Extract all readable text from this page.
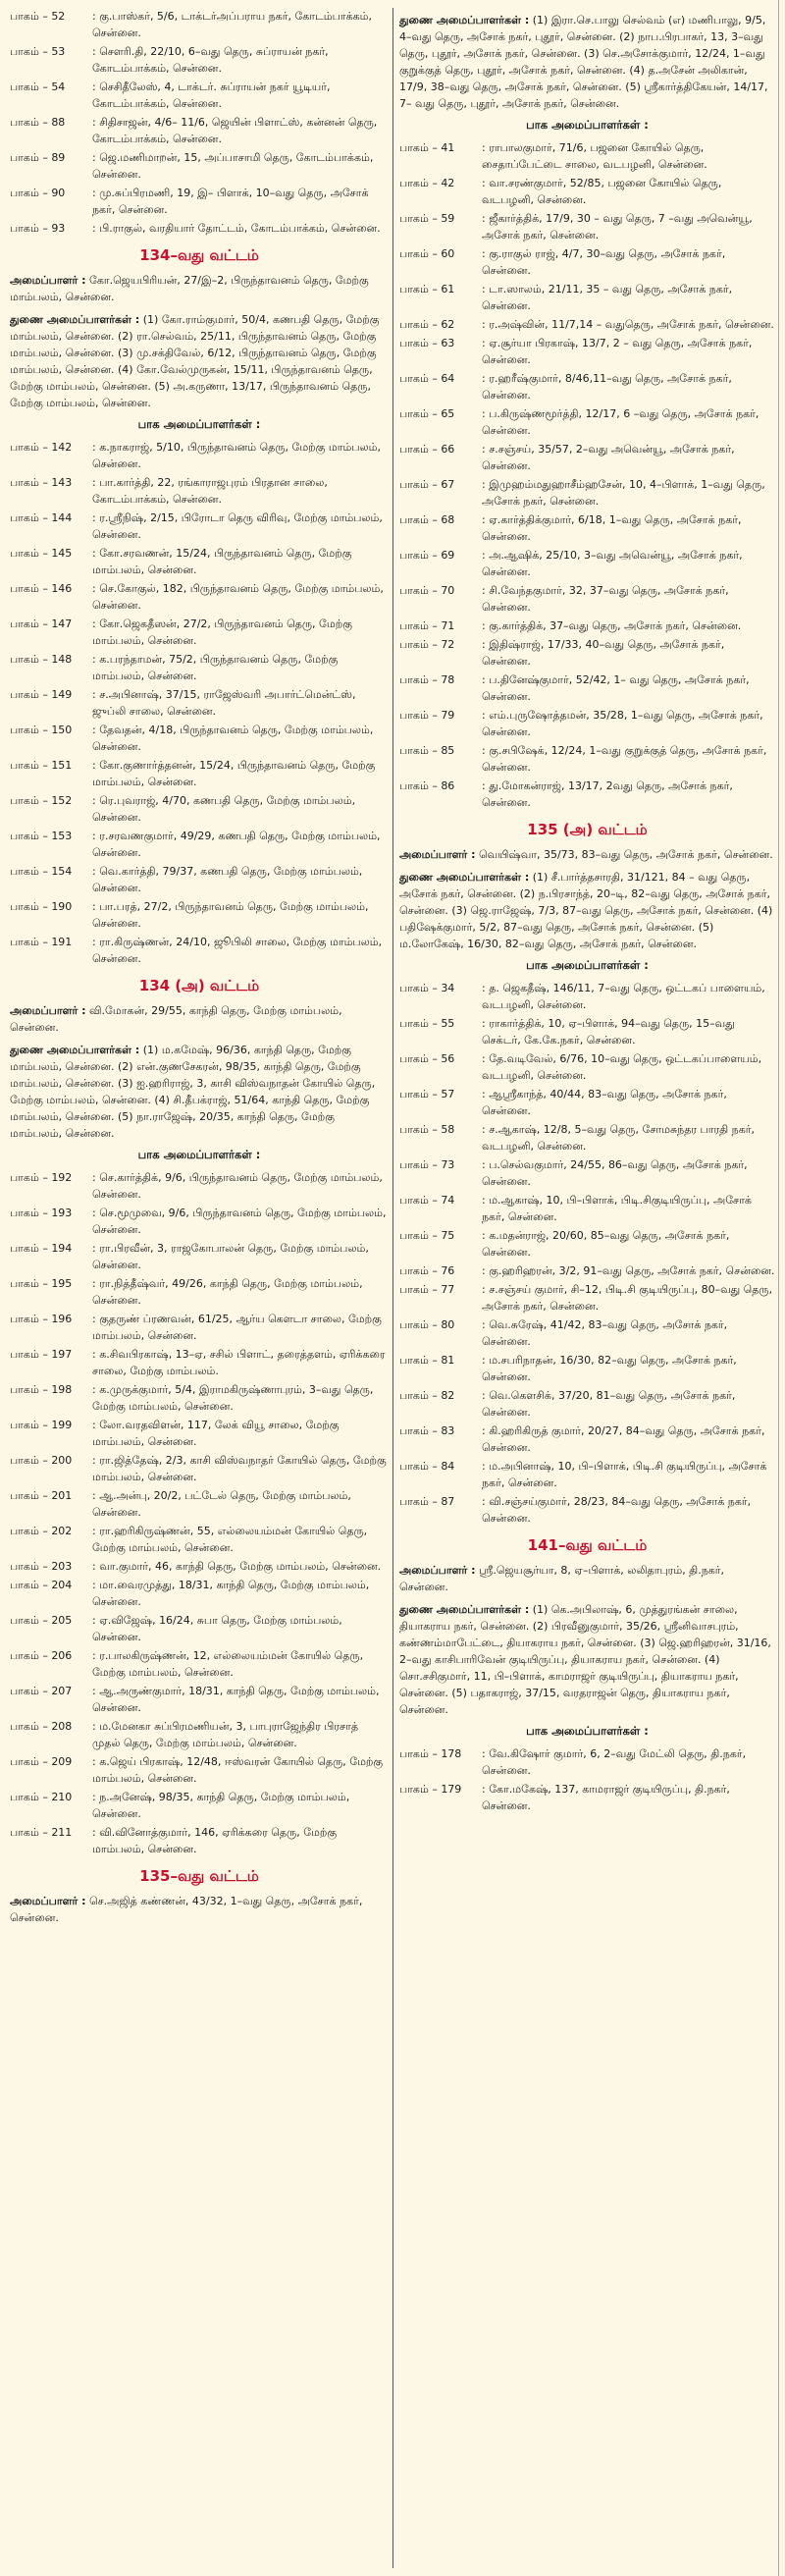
பாகம் – 52	: கு.பாஸ்கர், 5/6, டாக்டர்அப்பராய நகர், கோடம்பாக்கம், சென்னை.
பாகம் – 53	: செளரி.தி, 22/10, 6–வது தெரு, சுப்ராயன் நகர், கோடம்பாக்கம், சென்னை.
பாகம் – 54	: செசிதீலேஸ், 4, டாக்டர். சுப்ராயன் நகர் யூடியர், கோடம்பாக்கம், சென்னை.
பாகம் – 88	: சிதிசாஜன், 4/6– 11/6, ஜெயின் பிளாட்ஸ், கன்னன் தெரு, கோடம்பாக்கம், சென்னை.
பாகம் – 89	: ஜெ.மணிமாறன், 15, அப்பாசாமி தெரு, கோடம்பாக்கம், சென்னை.
பாகம் – 90	: மு.சுப்பிரமணி, 19, இ– பிளாக், 10–வது தெரு, அசோக் நகர், சென்னை.
பாகம் – 93	: பி.ராகுல், வரதியார் தோட்டம், கோடம்பாக்கம், சென்னை.
134–வது வட்டம்
அமைப்பாளர் : கோ.ஜெயபிரியன், 27/இ–2, பிருந்தாவனம் தெரு, மேற்கு மாம்பலம், சென்னை.
துணை அமைப்பாளர்கள் : (1) கோ.ராம்குமார், 50/4, கணபதி தெரு, மேற்கு மாம்பலம், சென்னை. (2) ரா.செல்வம், 25/11, பிருந்தாவனம் தெரு, மேற்கு மாம்பலம், சென்னை. (3) மு.சக்திவேல், 6/12, பிருந்தாவனம் தெரு, மேற்கு மாம்பலம், சென்னை. (4) கோ.வேல்முருகன், 15/11, பிருந்தாவனம் தெரு, மேற்கு மாம்பலம், சென்னை. (5) அ.கருணா, 13/17, பிருந்தாவனம் தெரு, மேற்கு மாம்பலம், சென்னை.
பாக அமைப்பாளர்கள் :
பாகம் – 142	: க.நாகராஜ், 5/10, பிருந்தாவனம் தெரு, மேற்கு மாம்பலம், சென்னை.
பாகம் – 143	: பா.கார்த்தி, 22, ரங்காராஜபுரம் பிரதான சாலை, கோடம்பாக்கம், சென்னை.
பாகம் – 144	: ர.ஸ்ரீநிஷ், 2/15, பிரோடா தெரு விரிவு, மேற்கு மாம்பலம், சென்னை.
பாகம் – 145	: கோ.சரவணன், 15/24, பிருந்தாவனம் தெரு, மேற்கு மாம்பலம், சென்னை.
பாகம் – 146	: செ.கோகுல், 182, பிருந்தாவனம் தெரு, மேற்கு மாம்பலம், சென்னை.
பாகம் – 147	: கோ.ஜெகதீஸன், 27/2, பிருந்தாவனம் தெரு, மேற்கு மாம்பலம், சென்னை.
பாகம் – 148	: க.பரந்தாமன், 75/2, பிருந்தாவனம் தெரு, மேற்கு மாம்பலம், சென்னை.
பாகம் – 149	: ச.அபினாஷ், 37/15, ராஜேஸ்வரி அபார்ட்மென்ட்ஸ், ஜுப்லி சாலை, சென்னை.
பாகம் – 150	: தேவதன், 4/18, பிருந்தாவனம் தெரு, மேற்கு மாம்பலம், சென்னை.
பாகம் – 151	: கோ.குணார்த்தனன், 15/24, பிருந்தாவனம் தெரு, மேற்கு மாம்பலம், சென்னை.
பாகம் – 152	: ரெ.புவராஜ், 4/70, கணபதி தெரு, மேற்கு மாம்பலம், சென்னை.
பாகம் – 153	: ர.சரவணகுமார், 49/29, கணபதி தெரு, மேற்கு மாம்பலம், சென்னை.
பாகம் – 154	: வெ.கார்த்தி, 79/37, கணபதி தெரு, மேற்கு மாம்பலம், சென்னை.
பாகம் – 190	: பா.பரத், 27/2, பிருந்தாவனம் தெரு, மேற்கு மாம்பலம், சென்னை.
பாகம் – 191	: ரா.கிருஷ்ணன், 24/10, ஜூபிலி சாலை, மேற்கு மாம்பலம், சென்னை.
134 (அ) வட்டம்
அமைப்பாளர் : வி.மோகன், 29/55, காந்தி தெரு, மேற்கு மாம்பலம், சென்னை.
துணை அமைப்பாளர்கள் : (1) ம.கமேஷ், 96/36, காந்தி தெரு, மேற்கு மாம்பலம், சென்னை. (2) என்.குணசேகரன், 98/35, காந்தி தெரு, மேற்கு மாம்பலம், சென்னை. (3) ஐ.ஹரிராஜ், 3, காசி விஸ்வநாதன் கோயில் தெரு, மேற்கு மாம்பலம், சென்னை. (4) சி.தீபக்ராஜ், 51/64, காந்தி தெரு, மேற்கு மாம்பலம், சென்னை. (5) நா.ராஜேஷ், 20/35, காந்தி தெரு, மேற்கு மாம்பலம், சென்னை.
பாக அமைப்பாளர்கள் :
பாகம் – 192	: செ.கார்த்திக், 9/6, பிருந்தாவனம் தெரு, மேற்கு மாம்பலம், சென்னை.
பாகம் – 193	: செ.மூமுவை, 9/6, பிருந்தாவனம் தெரு, மேற்கு மாம்பலம், சென்னை.
பாகம் – 194	: ரா.பிரவீன், 3, ராஜகோபாலன் தெரு, மேற்கு மாம்பலம், சென்னை.
பாகம் – 195	: ரா.நித்தீஷ்வர், 49/26, காந்தி தெரு, மேற்கு மாம்பலம், சென்னை.
பாகம் – 196	: குதருண் ப்ரணவன், 61/25, ஆர்ய கௌடா சாலை, மேற்கு மாம்பலம், சென்னை.
பாகம் – 197	: க.சிவபிரகாஷ், 13–ஏ, சசில் பிளாட், தரைத்தளம், ஏரிக்கரை சாலை, மேற்கு மாம்பலம்.
பாகம் – 198	: க.முருக்குமார், 5/4, இராமகிருஷ்ணாபுரம், 3–வது தெரு, மேற்கு மாம்பலம், சென்னை.
பாகம் – 199	: லோ.வரதவிளன், 117, லேக் வியூ சாலை, மேற்கு மாம்பலம், சென்னை.
பாகம் – 200	: ரா.ஜித்தேஷ், 2/3, காசி விஸ்வநாதர் கோயில் தெரு, மேற்கு மாம்பலம், சென்னை.
பாகம் – 201	: ஆ.அன்பு, 20/2, பட்டேல் தெரு, மேற்கு மாம்பலம், சென்னை.
பாகம் – 202	: ரா.ஹரிகிருஷ்ணன், 55, எல்லையம்மன் கோயில் தெரு, மேற்கு மாம்பலம், சென்னை.
பாகம் – 203	: வா.குமார், 46, காந்தி தெரு, மேற்கு மாம்பலம், சென்னை.
பாகம் – 204	: மா.வைரமுத்து, 18/31, காந்தி தெரு, மேற்கு மாம்பலம், சென்னை.
பாகம் – 205	: ஏ.விஜேஷ், 16/24, சுபா தெரு, மேற்கு மாம்பலம், சென்னை.
பாகம் – 206	: ர.பாலகிருஷ்ணன், 12, எல்லையம்மன் கோயில் தெரு, மேற்கு மாம்பலம், சென்னை.
பாகம் – 207	: ஆ.அருண்குமார், 18/31, காந்தி தெரு, மேற்கு மாம்பலம், சென்னை.
பாகம் – 208	: ம.மேனகா சுப்பிரமணியன், 3, பாபுராஜேந்திர பிரசாத் முதல் தெரு, மேற்கு மாம்பலம், சென்னை.
பாகம் – 209	: க.ஜெய் பிரகாஷ், 12/48, ஈஸ்வரன் கோயில் தெரு, மேற்கு மாம்பலம், சென்னை.
பாகம் – 210	: ந.அனேஷ், 98/35, காந்தி தெரு, மேற்கு மாம்பலம், சென்னை.
பாகம் – 211	: வி.வினோத்குமார், 146, ஏரிக்கரை தெரு, மேற்கு மாம்பலம், சென்னை.
135–வது வட்டம்
அமைப்பாளர் : செ.அஜித் கண்ணன், 43/32, 1–வது தெரு, அசோக் நகர், சென்னை.
துணை அமைப்பாளர்கள் : (1) இரா.செ.பாலு செல்வம் (எ) மணிபாலு, 9/5, 4–வது தெரு, அசோக் நகர், புதூர், சென்னை. (2) நாப.பிரபாகர், 13, 3–வது தெரு, புதூர், அசோக் நகர், சென்னை. (3) செ.அசோக்குமார், 12/24, 1–வது குறுக்குத் தெரு, புதூர், அசோக் நகர், சென்னை. (4) த.அசேன் அலிகான், 17/9, 38–வது தெரு, அசோக் நகர், சென்னை. (5) ஸ்ரீகார்த்திகேயன், 14/17, 7– வது தெரு, புதூர், அசோக் நகர், சென்னை.
பாக அமைப்பாளர்கள் :
பாகம் – 41	: ராபாலகுமார், 71/6, பஜனை கோயில் தெரு, சைதாப்பேட்டை சாலை, வடபழனி, சென்னை.
பாகம் – 42	: வா.சரண்குமார், 52/85, பஜனை கோயில் தெரு, வடபழனி, சென்னை.
பாகம் – 59	: ஜீகார்த்திக், 17/9, 30 – வது தெரு, 7 –வது அவென்யூ, அசோக் நகர், சென்னை.
பாகம் – 60	: கு.ராகுல் ராஜ், 4/7, 30–வது தெரு, அசோக் நகர், சென்னை.
பாகம் – 61	: டா.ஸாலம், 21/11, 35 – வது தெரு, அசோக் நகர், சென்னை.
பாகம் – 62	: ர.அஷ்வின், 11/7,14 – வதுதெரு, அசோக் நகர், சென்னை.
பாகம் – 63	: ஏ.சூர்யா பிரகாஷ், 13/7, 2 – வது தெரு, அசோக் நகர், சென்னை.
பாகம் – 64	: ர.ஹரீஷ்குமார், 8/46,11–வது தெரு, அசோக் நகர், சென்னை.
பாகம் – 65	: ப.கிருஷ்ணமூர்த்தி, 12/17, 6 –வது தெரு, அசோக் நகர், சென்னை.
பாகம் – 66	: ச.சஞ்சய், 35/57, 2–வது அவென்யூ, அசோக் நகர், சென்னை.
பாகம் – 67	: இமுஹம்மதுஹாசீம்ஹசேன், 10, 4–பிளாக், 1–வது தெரு, அசோக் நகர், சென்னை.
பாகம் – 68	: ஏ.கார்த்திக்குமார், 6/18, 1–வது தெரு, அசோக் நகர், சென்னை.
பாகம் – 69	: அ.ஆஷிக், 25/10, 3–வது அவென்யூ, அசோக் நகர், சென்னை.
பாகம் – 70	: சி.வேந்தகுமார், 32, 37–வது தெரு, அசோக் நகர், சென்னை.
பாகம் – 71	: கு.கார்த்திக், 37–வது தெரு, அசோக் நகர், சென்னை.
பாகம் – 72	: இதிஷ்ராஜ், 17/33, 40–வது தெரு, அசோக் நகர், சென்னை.
பாகம் – 78	: ப.தினேஷ்குமார், 52/42, 1– வது தெரு, அசோக் நகர், சென்னை.
பாகம் – 79	: எம்.புருஷோத்தமன், 35/28, 1–வது தெரு, அசோக் நகர், சென்னை.
பாகம் – 85	: கு.சபிஷேக், 12/24, 1–வது குறுக்குத் தெரு, அசோக் நகர், சென்னை.
பாகம் – 86	: து.மோகன்ராஜ், 13/17, 2வது தெரு, அசோக் நகர், சென்னை.
135 (அ) வட்டம்
அமைப்பாளர் : வெயிஷ்வா, 35/73, 83–வது தெரு, அசோக் நகர், சென்னை.
துணை அமைப்பாளர்கள் : (1) சீ.பார்த்தசாரதி, 31/121, 84 – வது தெரு, அசோக் நகர், சென்னை. (2) ந.பிரசாந்த், 20–டி, 82–வது தெரு, அசோக் நகர், சென்னை. (3) ஜெ.ராஜேஷ், 7/3, 87–வது தெரு, அசோக் நகர், சென்னை. (4) பதிஷேக்குமார், 5/2, 87–வது தெரு, அசோக் நகர், சென்னை. (5) ம.லோகேஷ், 16/30, 82–வது தெரு, அசோக் நகர், சென்னை.
பாக அமைப்பாளர்கள் :
பாகம் – 34	: த. ஜெகதீஷ், 146/11, 7–வது தெரு, ஒட்டகப் பாளையம், வடபழனி, சென்னை.
பாகம் – 55	: ராகார்த்திக், 10, ஏ–பிளாக், 94–வது தெரு, 15–வது செக்டர், கே.கே.நகர், சென்னை.
பாகம் – 56	: தே.வடிவேல், 6/76, 10–வது தெரு, ஒட்டகப்பாளையம், வடபழனி, சென்னை.
பாகம் – 57	: ஆஸ்ரீகாந்த், 40/44, 83–வது தெரு, அசோக் நகர், சென்னை.
பாகம் – 58	: ச.ஆகாஷ், 12/8, 5–வது தெரு, சோமசுந்தர பாரதி நகர், வடபழனி, சென்னை.
பாகம் – 73	: ப.செல்வகுமார், 24/55, 86–வது தெரு, அசோக் நகர், சென்னை.
பாகம் – 74	: ம.ஆகாஷ், 10, பி–பிளாக், பிடி.சிகுடியிருப்பு, அசோக் நகர், சென்னை.
பாகம் – 75	: க.மதன்ராஜ், 20/60, 85–வது தெரு, அசோக் நகர், சென்னை.
பாகம் – 76	: கு.ஹரிஹரன், 3/2, 91–வது தெரு, அசோக் நகர், சென்னை.
பாகம் – 77	: ச.சஞ்சய் குமார், சி–12, பிடி.சி குடியிருப்பு, 80–வது தெரு, அசோக் நகர், சென்னை.
பாகம் – 80	: வெ.சுரேஷ், 41/42, 83–வது தெரு, அசோக் நகர், சென்னை.
பாகம் – 81	: ம.சபரிநாதன், 16/30, 82–வது தெரு, அசோக் நகர், சென்னை.
பாகம் – 82	: வெ.கெளசிக், 37/20, 81–வது தெரு, அசோக் நகர், சென்னை.
பாகம் – 83	: கி.ஹரிகிருத் குமார், 20/27, 84–வது தெரு, அசோக் நகர், சென்னை.
பாகம் – 84	: ம.அபினாஷ், 10, பி–பிளாக், பிடி.சி குடியிருப்பு, அசோக் நகர், சென்னை.
பாகம் – 87	: வி.சஞ்சய்குமார், 28/23, 84–வது தெரு, அசோக் நகர், சென்னை.
141–வது வட்டம்
அமைப்பாளர் : ஸ்ரீ.ஜெயசூர்யா, 8, ஏ–பிளாக், லலிதாபுரம், தி.நகர், சென்னை.
துணை அமைப்பாளர்கள் : (1) கெ.அபிலாஷ், 6, முத்துரங்கன் சாலை, தியாகராய நகர், சென்னை. (2) பிரவீனுகுமார், 35/26, ஸ்ரீனிவாசபுரம், கண்ணம்மாபேட்டை, தியாகராய நகர், சென்னை. (3) ஜெ.ஹரிஹரன், 31/16, 2–வது காசிபாரிவேன் குடியிருப்பு, தியாகராய நகர், சென்னை. (4) சொ.சசிகுமார், 11, பி–பிளாக், காமராஜர் குடியிருப்பு, தியாகராய நகர், சென்னை. (5) பதாகராஜ், 37/15, வரதராஜன் தெரு, தியாகராய நகர், சென்னை.
பாக அமைப்பாளர்கள் :
பாகம் – 178	: வே.கிஷோர் குமார், 6, 2–வது மேட்லி தெரு, தி.நகர், சென்னை.
பாகம் – 179	: கோ.மகேஷ், 137, காமராஜர் குடியிருப்பு, தி.நகர், சென்னை.
